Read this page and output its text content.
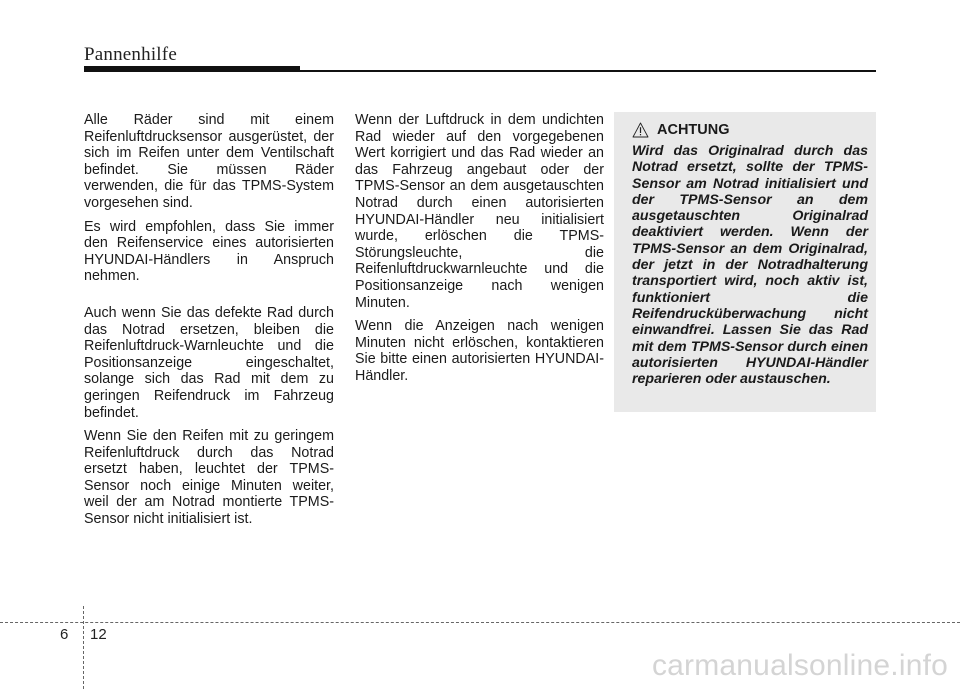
Pannenhilfe

Alle Räder sind mit einem Reifenluftdrucksensor ausgerüstet, der sich im Reifen unter dem Ventilschaft befindet. Sie müssen Räder verwenden, die für das TPMS-System vorgesehen sind.

Es wird empfohlen, dass Sie immer den Reifenservice eines autorisierten HYUNDAI-Händlers in Anspruch nehmen.

Auch wenn Sie das defekte Rad durch das Notrad ersetzen, bleiben die Reifenluftdruck-Warnleuchte und die Positionsanzeige eingeschaltet, solange sich das Rad mit dem zu geringen Reifendruck im Fahrzeug befindet.

Wenn Sie den Reifen mit zu geringem Reifenluftdruck durch das Notrad ersetzt haben, leuchtet der TPMS-Sensor noch einige Minuten weiter, weil der am Notrad montierte TPMS-Sensor nicht initialisiert ist.

Wenn der Luftdruck in dem undichten Rad wieder auf den vorgegebenen Wert korrigiert und das Rad wieder an das Fahrzeug angebaut oder der TPMS-Sensor an dem ausgetauschten Notrad durch einen autorisierten HYUNDAI-Händler neu initialisiert wurde, erlöschen die TPMS-Störungsleuchte, die Reifenluftdruckwarnleuchte und die Positionsanzeige nach wenigen Minuten.

Wenn die Anzeigen nach wenigen Minuten nicht erlöschen, kontaktieren Sie bitte einen autorisierten HYUNDAI-Händler.

ACHTUNG
Wird das Originalrad durch das Notrad ersetzt, sollte der TPMS-Sensor am Notrad initialisiert und der TPMS-Sensor an dem ausgetauschten Originalrad deaktiviert werden. Wenn der TPMS-Sensor an dem Originalrad, der jetzt in der Notradhalterung transportiert wird, noch aktiv ist, funktioniert die Reifendrucküberwachung nicht einwandfrei. Lassen Sie das Rad mit dem TPMS-Sensor durch einen autorisierten HYUNDAI-Händler reparieren oder austauschen.
6 12
carmanualsonline.info
